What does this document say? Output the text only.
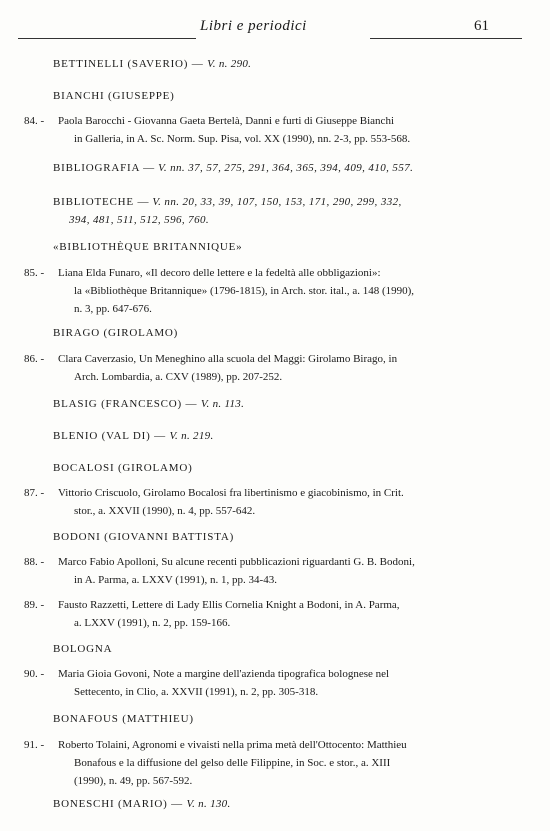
Libri e periodici	61
BETTINELLI (SAVERIO) — V. n. 290.
BIANCHI (GIUSEPPE)
84. -	Paola Barocchi - Giovanna Gaeta Bertelà, Danni e furti di Giuseppe Bianchi
in Galleria, in A. Sc. Norm. Sup. Pisa, vol. XX (1990), nn. 2-3, pp. 553-568.
BIBLIOGRAFIA — V. nn. 37, 57, 275, 291, 364, 365, 394, 409, 410, 557.
BIBLIOTECHE — V. nn. 20, 33, 39, 107, 150, 153, 171, 290, 299, 332,
394, 481, 511, 512, 596, 760.
«BIBLIOTHÈQUE BRITANNIQUE»
85. -	Liana Elda Funaro, «Il decoro delle lettere e la fedeltà alle obbligazioni»:
la «Bibliothèque Britannique» (1796-1815), in Arch. stor. ital., a. 148 (1990),
n. 3, pp. 647-676.
BIRAGO (GIROLAMO)
86. -	Clara Caverzasio, Un Meneghino alla scuola del Maggi: Girolamo Birago, in
Arch. Lombardia, a. CXV (1989), pp. 207-252.
BLASIG (FRANCESCO) — V. n. 113.
BLENIO (VAL DI) — V. n. 219.
BOCALOSI (GIROLAMO)
87. -	Vittorio Criscuolo, Girolamo Bocalosi fra libertinismo e giacobinismo, in Crit.
stor., a. XXVII (1990), n. 4, pp. 557-642.
BODONI (GIOVANNI BATTISTA)
88. -	Marco Fabio Apolloni, Su alcune recenti pubblicazioni riguardanti G. B. Bodoni,
in A. Parma, a. LXXV (1991), n. 1, pp. 34-43.
89. -	Fausto Razzetti, Lettere di Lady Ellis Cornelia Knight a Bodoni, in A. Parma,
a. LXXV (1991), n. 2, pp. 159-166.
BOLOGNA
90. -	Maria Gioia Govoni, Note a margine dell'azienda tipografica bolognese nel
Settecento, in Clio, a. XXVII (1991), n. 2, pp. 305-318.
BONAFOUS (MATTHIEU)
91. -	Roberto Tolaini, Agronomi e vivaisti nella prima metà dell'Ottocento: Matthieu
Bonafous e la diffusione del gelso delle Filippine, in Soc. e stor., a. XIII
(1990), n. 49, pp. 567-592.
BONESCHI (MARIO) — V. n. 130.
